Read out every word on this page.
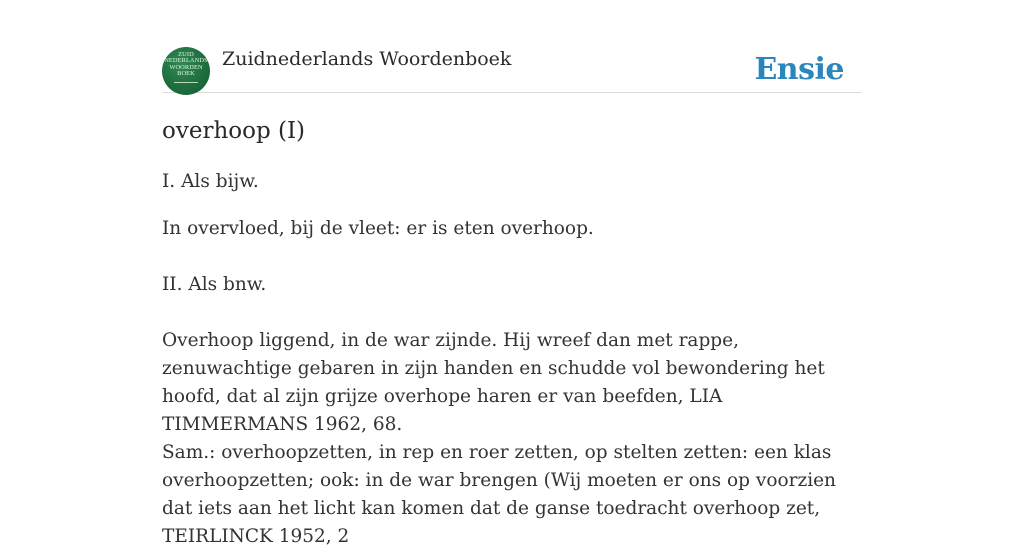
ZUID
NEDERLANDS
WOORDEN
BOEK
Zuidnederlands Woordenboek	Ensie
overhoop (I)

I. Als bijw.

In overvloed, bij de vleet: er is eten overhoop.

II. Als bnw.

Overhoop liggend, in de war zijnde. Hij wreef dan met rappe, zenuwachtige gebaren in zijn handen en schudde vol bewondering het hoofd, dat al zijn grijze overhope haren er van beefden, LIA TIMMERMANS 1962, 68.

Sam.: overhoopzetten, in rep en roer zetten, op stelten zetten: een klas overhoopzetten; ook: in de war brengen (Wij moeten er ons op voorzien dat iets aan het licht kan komen dat de ganse toedracht overhoop zet, TEIRLINCK 1952, 2
